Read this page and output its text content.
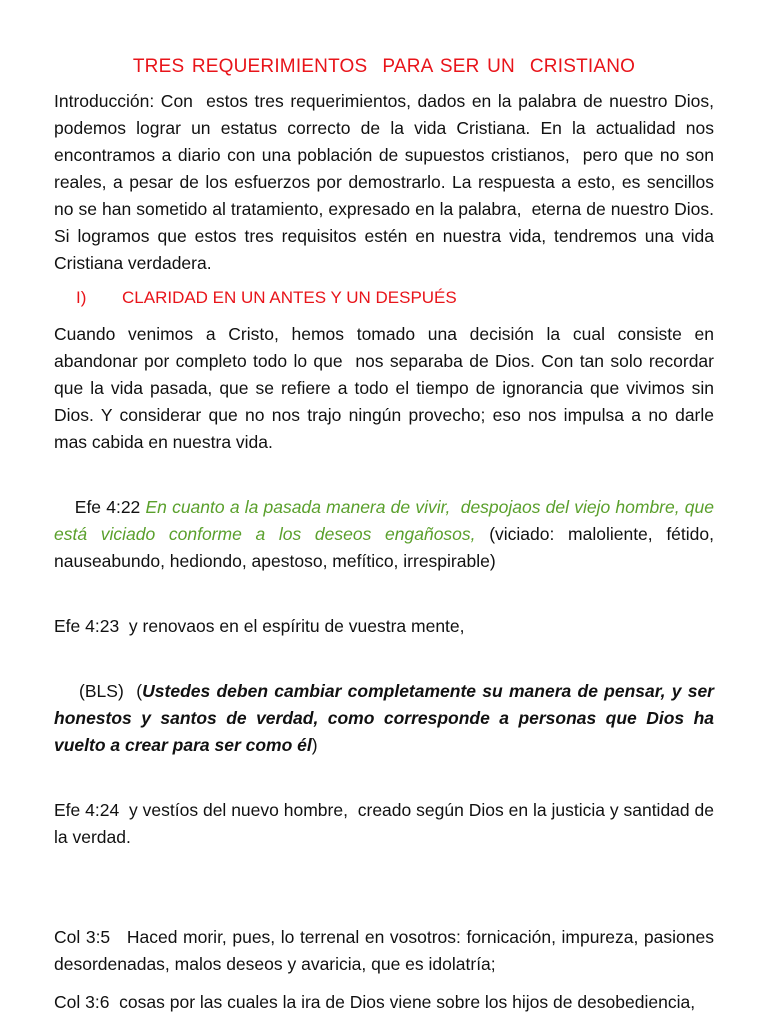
TRES REQUERIMIENTOS  PARA SER UN  CRISTIANO

Introducción: Con  estos tres requerimientos, dados en la palabra de nuestro Dios, podemos lograr un estatus correcto de la vida Cristiana. En la actualidad nos encontramos a diario con una población de supuestos cristianos,  pero que no son reales, a pesar de los esfuerzos por demostrarlo. La respuesta a esto, es sencillos no se han sometido al tratamiento, expresado en la palabra,  eterna de nuestro Dios. Si logramos que estos tres requisitos estén en nuestra vida, tendremos una vida Cristiana verdadera.

I)	CLARIDAD EN UN ANTES Y UN DESPUÉS

Cuando venimos a Cristo, hemos tomado una decisión la cual consiste en abandonar por completo todo lo que  nos separaba de Dios. Con tan solo recordar que la vida pasada, que se refiere a todo el tiempo de ignorancia que vivimos sin Dios. Y considerar que no nos trajo ningún provecho; eso nos impulsa a no darle mas cabida en nuestra vida.

Efe 4:22 En cuanto a la pasada manera de vivir,  despojaos del viejo hombre, que está viciado conforme a los deseos engañosos, (viciado: maloliente, fétido, nauseabundo, hediondo, apestoso, mefítico, irrespirable)

Efe 4:23  y renovaos en el espíritu de vuestra mente,

(BLS)  (Ustedes deben cambiar completamente su manera de pensar, y ser honestos y santos de verdad, como corresponde a personas que Dios ha vuelto a crear para ser como él)

Efe 4:24  y vestíos del nuevo hombre,  creado según Dios en la justicia y santidad de la verdad.

Col 3:5   Haced morir, pues, lo terrenal en vosotros: fornicación, impureza, pasiones desordenadas, malos deseos y avaricia, que es idolatría;

Col 3:6  cosas por las cuales la ira de Dios viene sobre los hijos de desobediencia,
